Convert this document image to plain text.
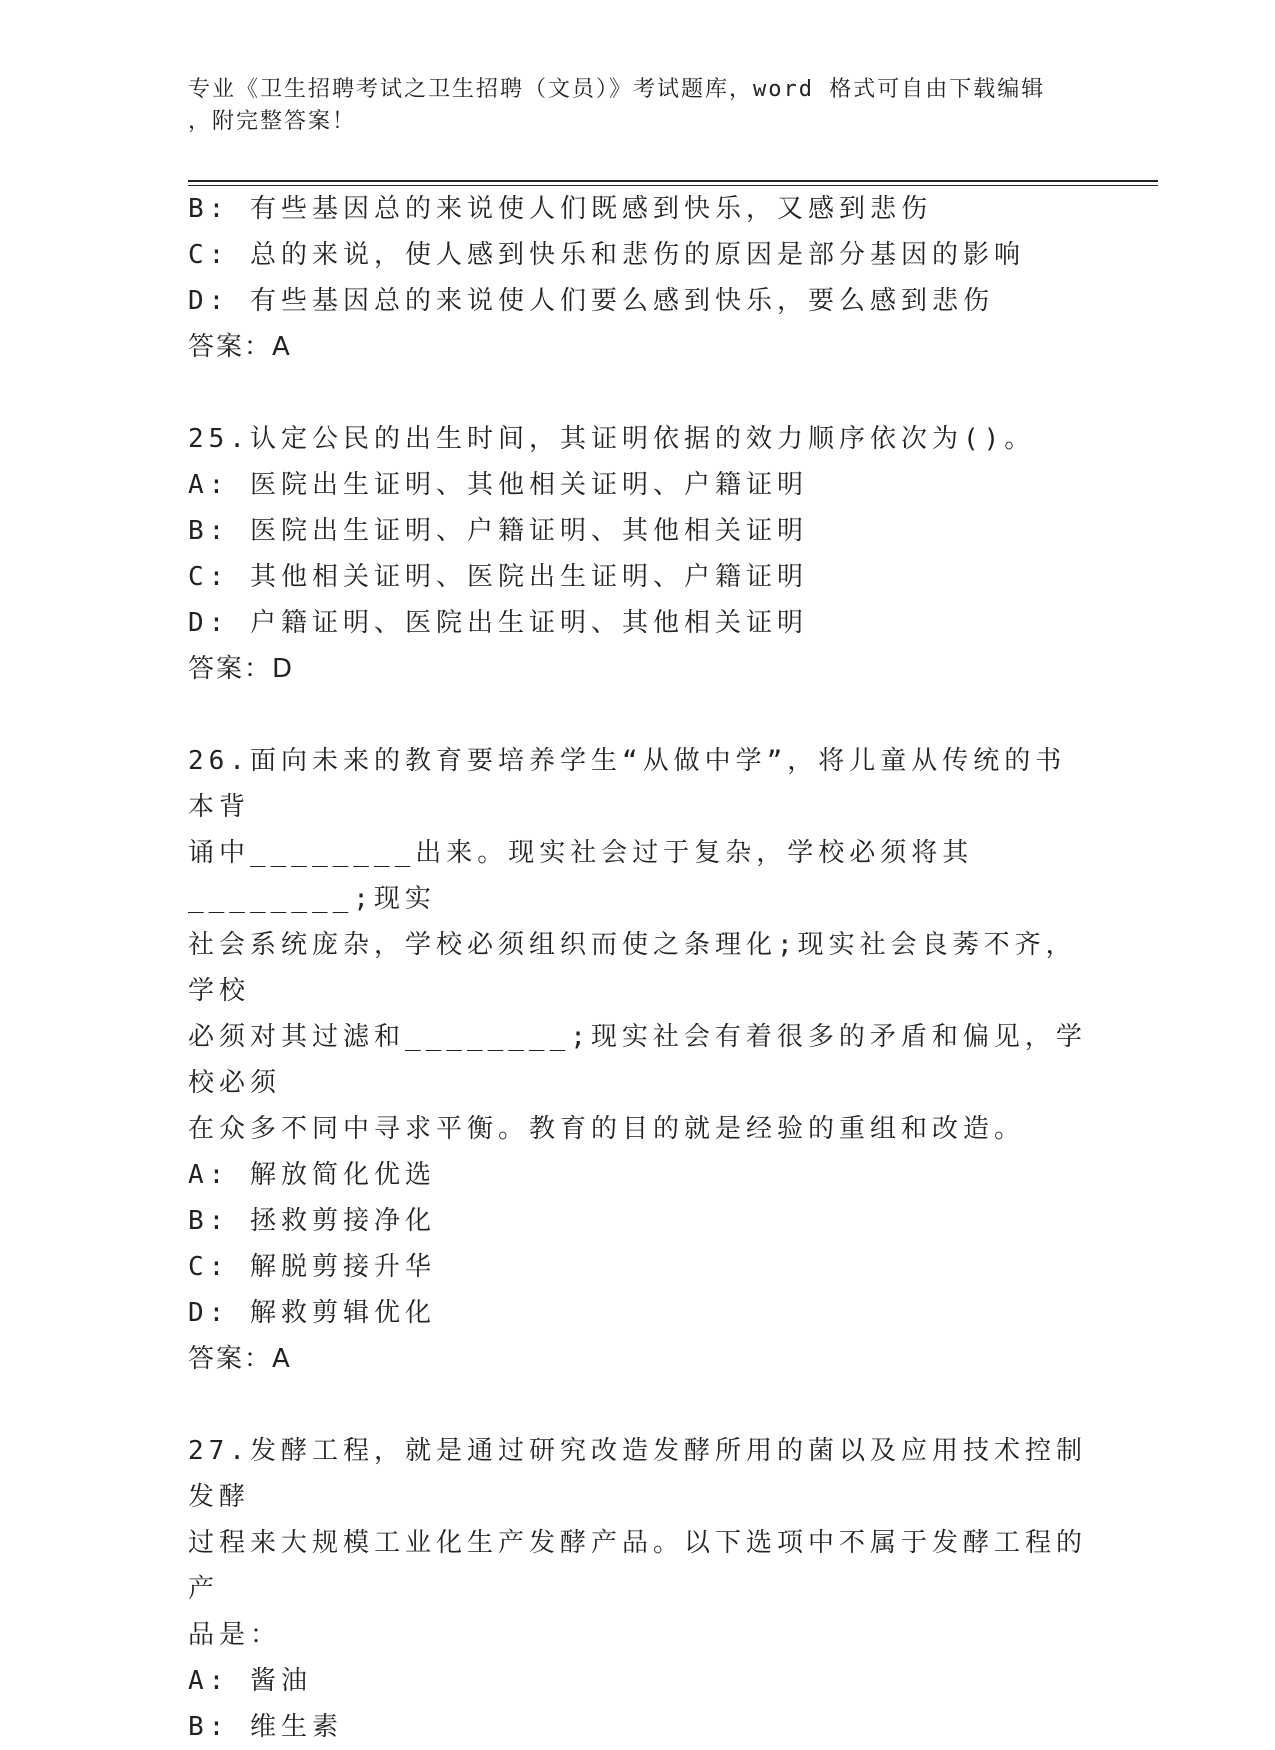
专业《卫生招聘考试之卫生招聘（文员）》考试题库，word 格式可自由下载编辑
，附完整答案！
B: 有些基因总的来说使人们既感到快乐，又感到悲伤
C: 总的来说，使人感到快乐和悲伤的原因是部分基因的影响
D: 有些基因总的来说使人们要么感到快乐，要么感到悲伤
答案：A
25.认定公民的出生时间，其证明依据的效力顺序依次为()。
A: 医院出生证明、其他相关证明、户籍证明
B: 医院出生证明、户籍证明、其他相关证明
C: 其他相关证明、医院出生证明、户籍证明
D: 户籍证明、医院出生证明、其他相关证明
答案：D
26.面向未来的教育要培养学生“从做中学”，将儿童从传统的书本背
诵中________出来。现实社会过于复杂，学校必须将其________;现实
社会系统庞杂，学校必须组织而使之条理化;现实社会良莠不齐，学校
必须对其过滤和________;现实社会有着很多的矛盾和偏见，学校必须
在众多不同中寻求平衡。教育的目的就是经验的重组和改造。
A: 解放简化优选
B: 拯救剪接净化
C: 解脱剪接升华
D: 解救剪辑优化
答案：A
27.发酵工程，就是通过研究改造发酵所用的菌以及应用技术控制发酵
过程来大规模工业化生产发酵产品。以下选项中不属于发酵工程的产
品是：
A: 酱油
B: 维生素
